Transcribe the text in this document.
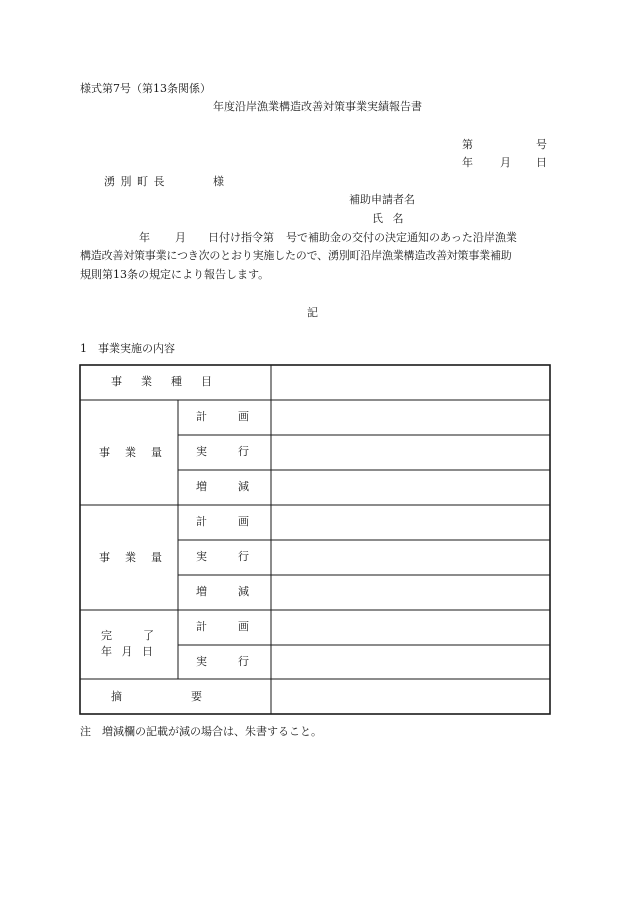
様式第7号（第13条関係）
年度沿岸漁業構造改善対策事業実績報告書
第	号
年 月 日
湧 別 町 長	様
補助申請者名
氏 名
年 月 日付け指令第 号で補助金の交付の決定通知のあった沿岸漁業
構造改善対策事業につき次のとおり実施したので、湧別町沿岸漁業構造改善対策事業補助
規則第13条の規定により報告します。
記
1　事業実施の内容
事　業　種　目
事　業　量
計　画
実　行
増　減
事　業　量
計　画
実　行
増　減
完　　了
年 月 日
計　画
実　行
摘　　　要
注　増減欄の記載が減の場合は、朱書すること。
